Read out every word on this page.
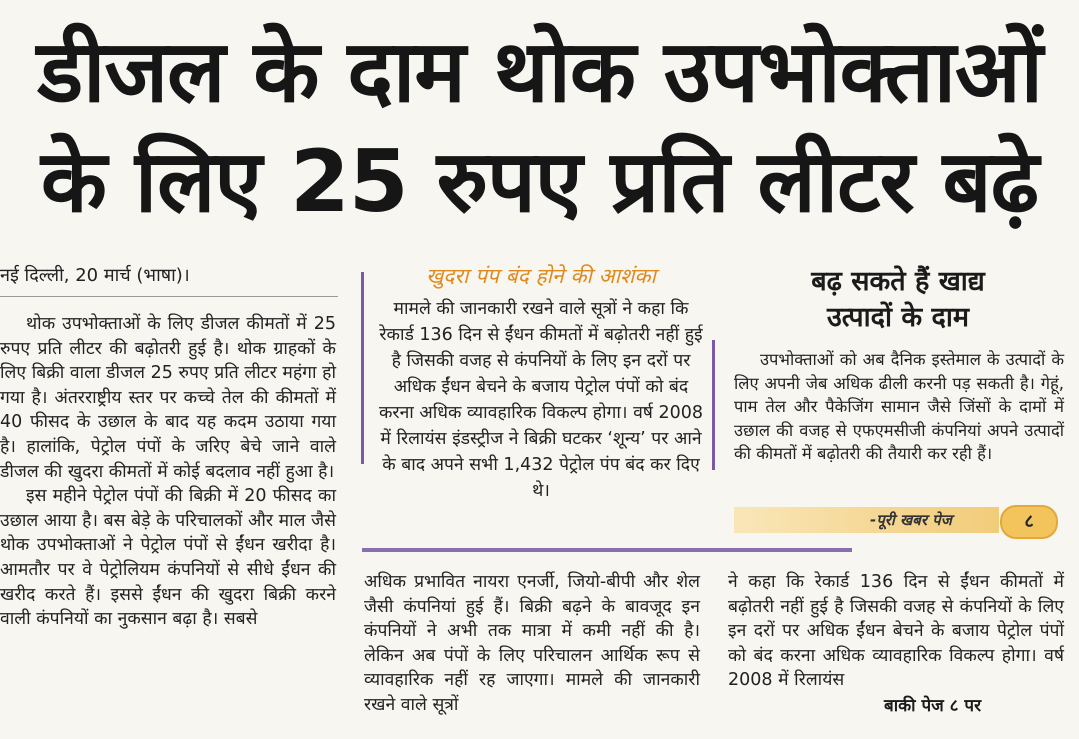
डीजल के दाम थोक उपभोक्ताओं
के लिए 25 रुपए प्रति लीटर बढ़े
नई दिल्ली, 20 मार्च (भाषा)।

थोक उपभोक्ताओं के लिए डीजल कीमतों में 25 रुपए प्रति लीटर की बढ़ोतरी हुई है। थोक ग्राहकों के लिए बिक्री वाला डीजल 25 रुपए प्रति लीटर महंगा हो गया है। अंतरराष्ट्रीय स्तर पर कच्चे तेल की कीमतों में 40 फीसद के उछाल के बाद यह कदम उठाया गया है। हालांकि, पेट्रोल पंपों के जरिए बेचे जाने वाले डीजल की खुदरा कीमतों में कोई बदलाव नहीं हुआ है।

इस महीने पेट्रोल पंपों की बिक्री में 20 फीसद का उछाल आया है। बस बेड़े के परिचालकों और माल जैसे थोक उपभोक्ताओं ने पेट्रोल पंपों से ईंधन खरीदा है। आमतौर पर वे पेट्रोलियम कंपनियों से सीधे ईंधन की खरीद करते हैं। इससे ईंधन की खुदरा बिक्री करने वाली कंपनियों का नुकसान बढ़ा है। सबसे

खुदरा पंप बंद होने की आशंका
मामले की जानकारी रखने वाले सूत्रों ने कहा कि रेकार्ड 136 दिन से ईंधन कीमतों में बढ़ोतरी नहीं हुई है जिसकी वजह से कंपनियों के लिए इन दरों पर अधिक ईंधन बेचने के बजाय पेट्रोल पंपों को बंद करना अधिक व्यावहारिक विकल्प होगा। वर्ष 2008 में रिलायंस इंडस्ट्रीज ने बिक्री घटकर ‘शून्य’ पर आने के बाद अपने सभी 1,432 पेट्रोल पंप बंद कर दिए थे।
बढ़ सकते हैं खाद्य
उत्पादों के दाम

उपभोक्ताओं को अब दैनिक इस्तेमाल के उत्पादों के लिए अपनी जेब अधिक ढीली करनी पड़ सकती है। गेहूं, पाम तेल और पैकेजिंग सामान जैसे जिंसों के दामों में उछाल की वजह से एफएमसीजी कंपनियां अपने उत्पादों की कीमतों में बढ़ोतरी की तैयारी कर रही हैं।

-पूरी खबर पेज	८

अधिक प्रभावित नायरा एनर्जी, जियो-बीपी और शेल जैसी कंपनियां हुई हैं। बिक्री बढ़ने के बावजूद इन कंपनियों ने अभी तक मात्रा में कमी नहीं की है। लेकिन अब पंपों के लिए परिचालन आर्थिक रूप से व्यावहारिक नहीं रह जाएगा। मामले की जानकारी रखने वाले सूत्रों

ने कहा कि रेकार्ड 136 दिन से ईंधन कीमतों में बढ़ोतरी नहीं हुई है जिसकी वजह से कंपनियों के लिए इन दरों पर अधिक ईंधन बेचने के बजाय पेट्रोल पंपों को बंद करना अधिक व्यावहारिक विकल्प होगा। वर्ष 2008 में रिलायंस

बाकी पेज ८ पर
